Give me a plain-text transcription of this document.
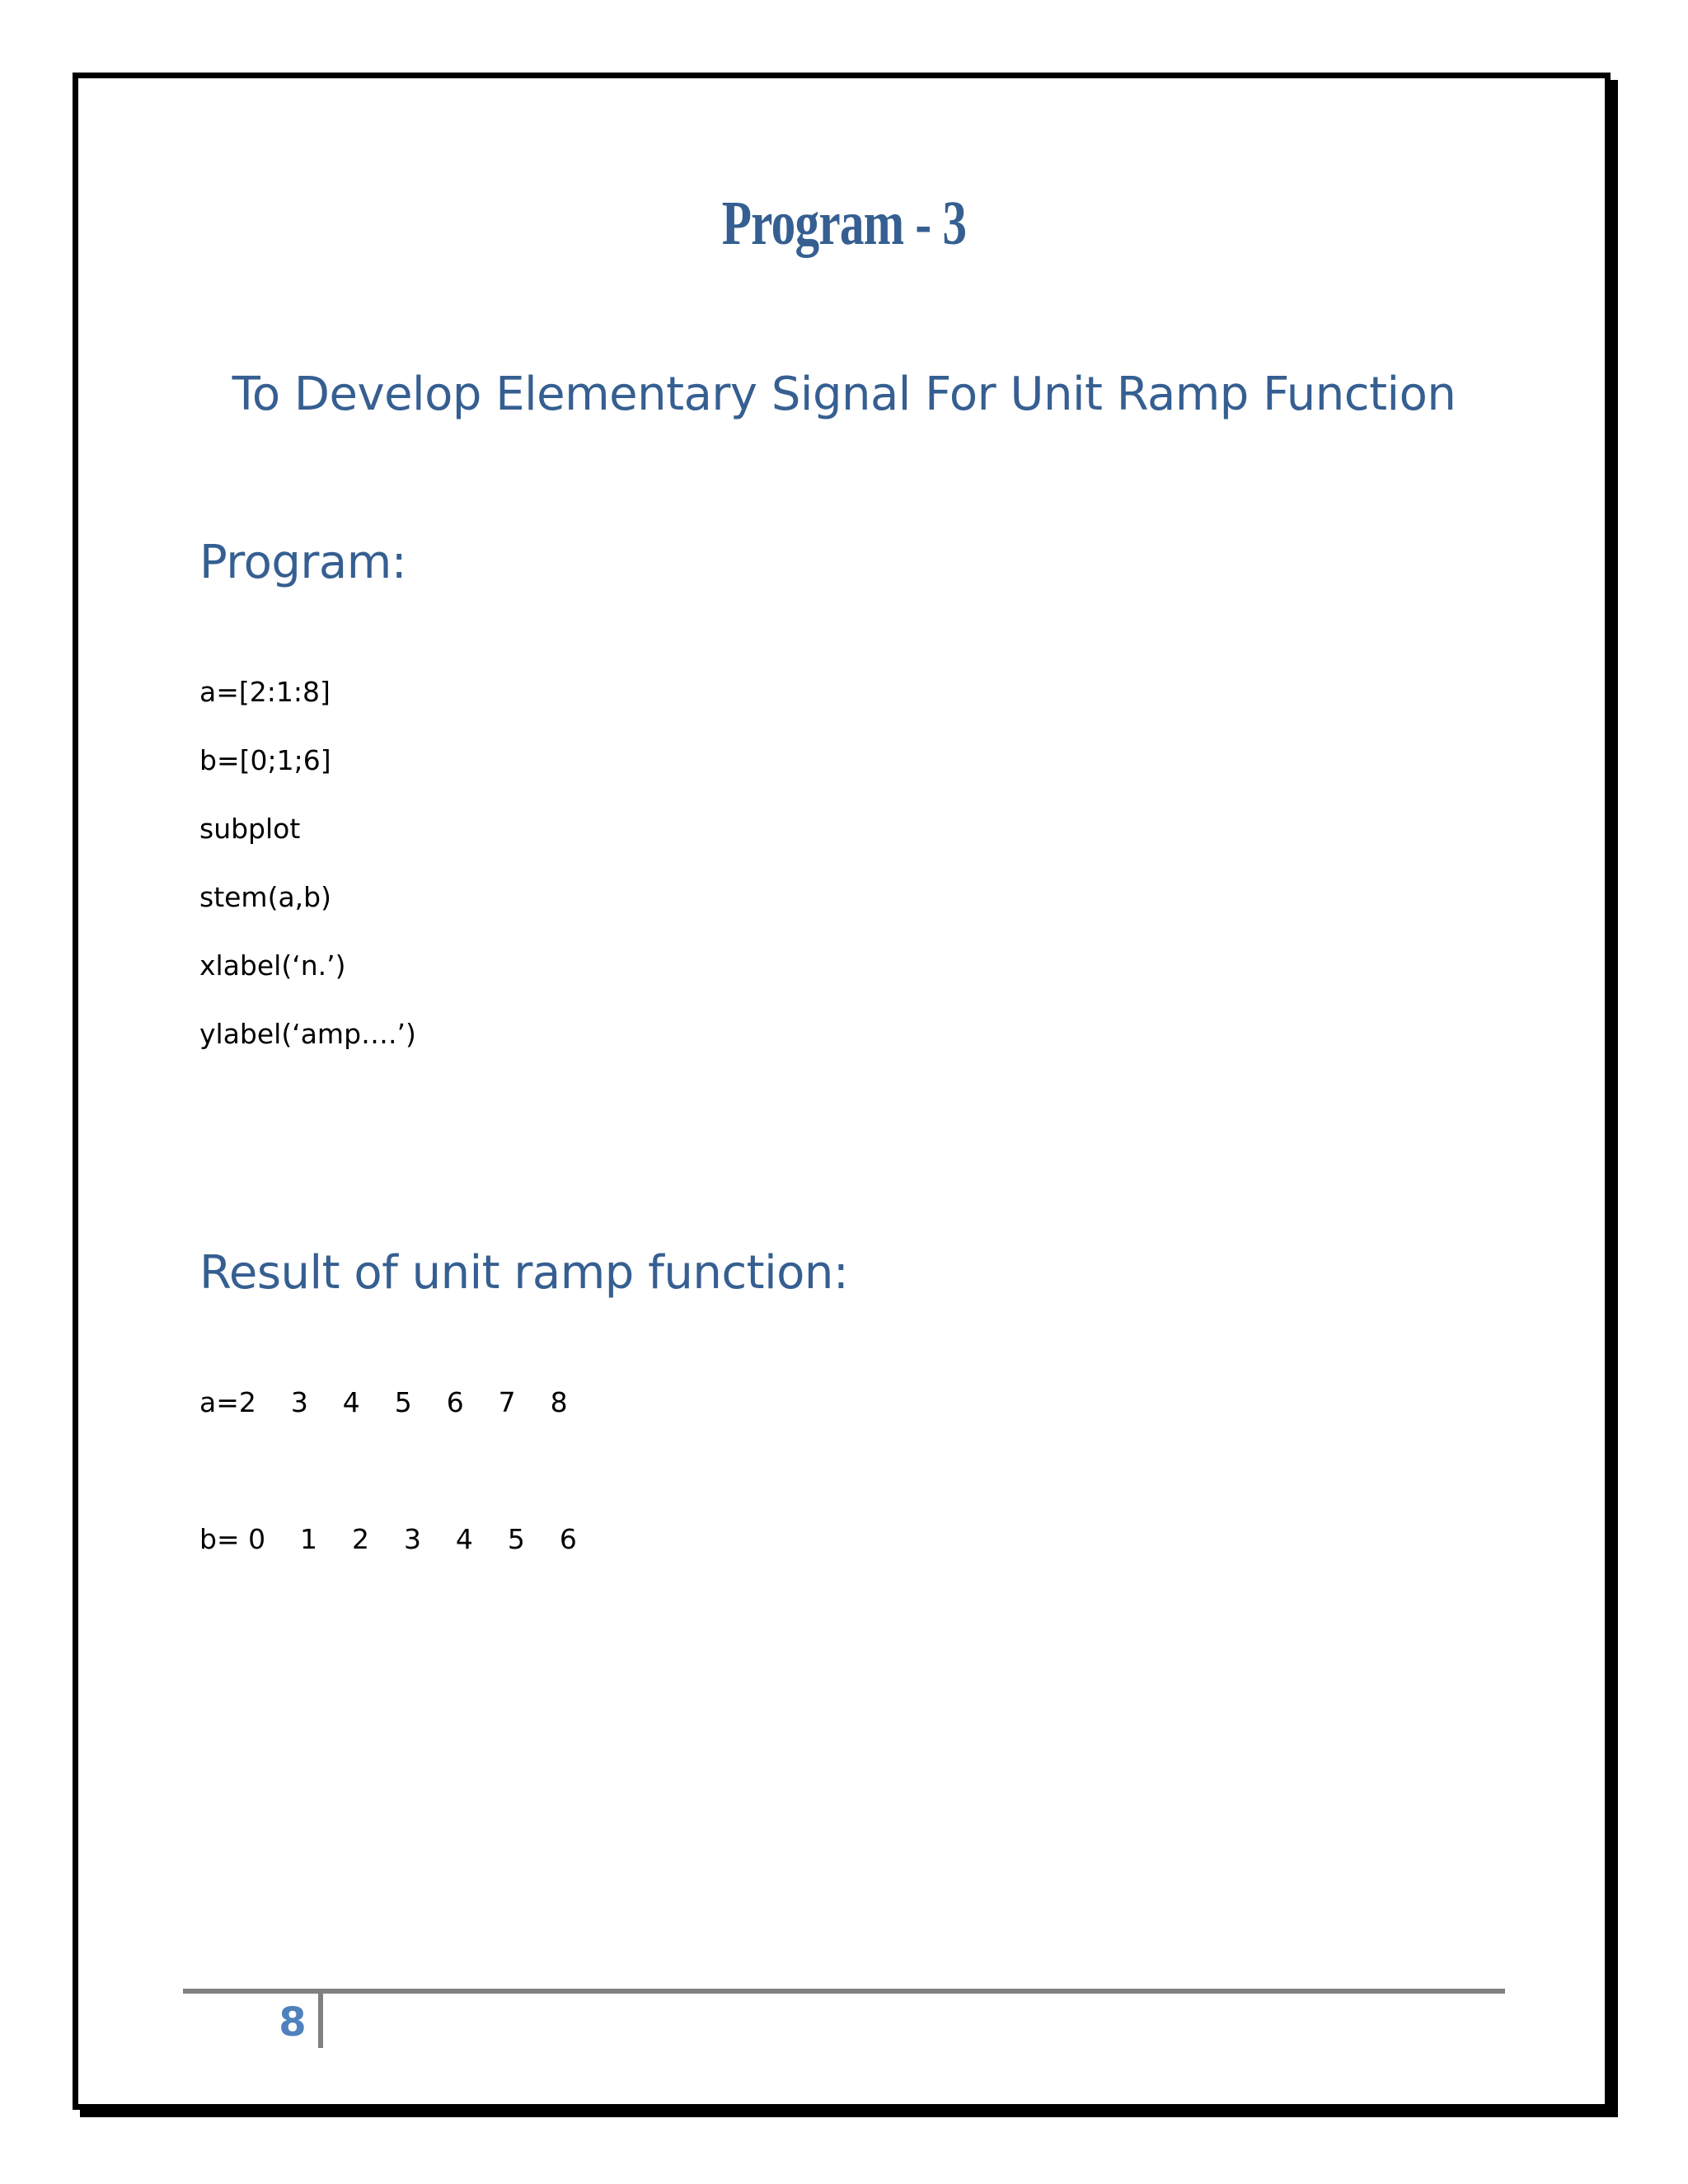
Program - 3
To Develop Elementary Signal For Unit Ramp Function
Program:
a=[2:1:8]
b=[0;1;6]
subplot
stem(a,b)
xlabel(‘n.’)
ylabel(‘amp….’)
Result of unit ramp function:
a=2    3    4    5    6    7    8
b= 0    1    2    3    4    5    6
8
